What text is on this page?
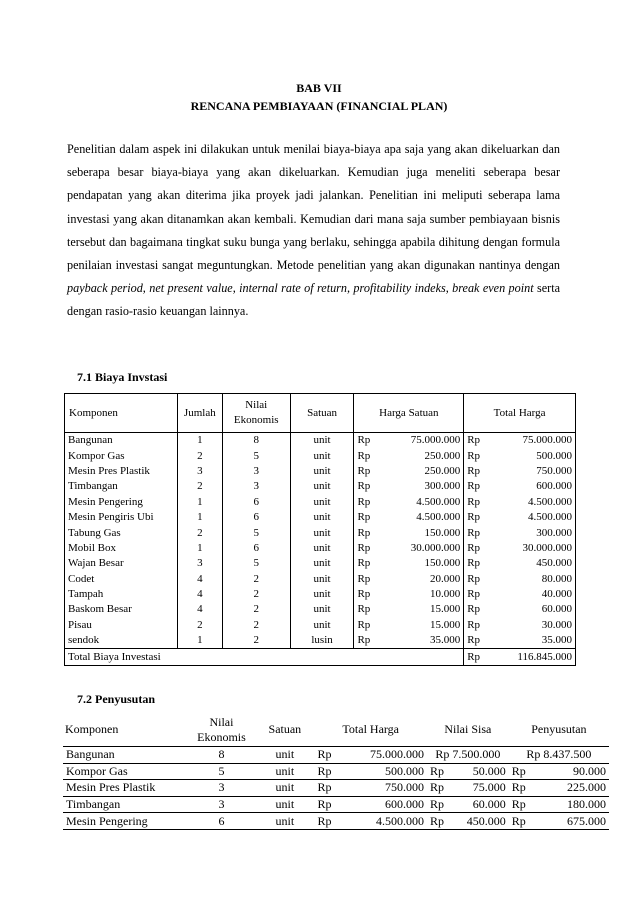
BAB VII
RENCANA PEMBIAYAAN (FINANCIAL PLAN)
Penelitian dalam aspek ini dilakukan untuk menilai biaya-biaya apa saja yang akan dikeluarkan dan seberapa besar biaya-biaya yang akan dikeluarkan. Kemudian juga meneliti seberapa besar pendapatan yang akan diterima jika proyek jadi jalankan. Penelitian ini meliputi seberapa lama investasi yang akan ditanamkan akan kembali. Kemudian dari mana saja sumber pembiayaan bisnis tersebut dan bagaimana tingkat suku bunga yang berlaku, sehingga apabila dihitung dengan formula penilaian investasi sangat meguntungkan. Metode penelitian yang akan digunakan nantinya dengan payback period, net present value, internal rate of return, profitability indeks, break even point serta dengan rasio-rasio keuangan lainnya.
7.1 Biaya Invstasi
Komponen	Jumlah	Nilai Ekonomis	Satuan	Harga Satuan		Total Harga	
Bangunan	1	8	unit	Rp	75.000.000	Rp	75.000.000
Kompor Gas	2	5	unit	Rp	250.000	Rp	500.000
Mesin Pres Plastik	3	3	unit	Rp	250.000	Rp	750.000
Timbangan	2	3	unit	Rp	300.000	Rp	600.000
Mesin Pengering	1	6	unit	Rp	4.500.000	Rp	4.500.000
Mesin Pengiris Ubi	1	6	unit	Rp	4.500.000	Rp	4.500.000
Tabung Gas	2	5	unit	Rp	150.000	Rp	300.000
Mobil Box	1	6	unit	Rp	30.000.000	Rp	30.000.000
Wajan Besar	3	5	unit	Rp	150.000	Rp	450.000
Codet	4	2	unit	Rp	20.000	Rp	80.000
Tampah	4	2	unit	Rp	10.000	Rp	40.000
Baskom Besar	4	2	unit	Rp	15.000	Rp	60.000
Pisau	2	2	unit	Rp	15.000	Rp	30.000
sendok	1	2	lusin	Rp	35.000	Rp	35.000
Total Biaya Investasi						Rp	116.845.000
7.2 Penyusutan
Komponen	Nilai Ekonomis	Satuan	Total Harga		Nilai Sisa		Penyusutan	
Bangunan	8	unit	Rp	75.000.000	Rp 7.500.000		Rp 8.437.500	
Kompor Gas	5	unit	Rp	500.000	Rp	50.000	Rp	90.000
Mesin Pres Plastik	3	unit	Rp	750.000	Rp	75.000	Rp	225.000
Timbangan	3	unit	Rp	600.000	Rp	60.000	Rp	180.000
Mesin Pengering	6	unit	Rp	4.500.000	Rp	450.000	Rp	675.000
